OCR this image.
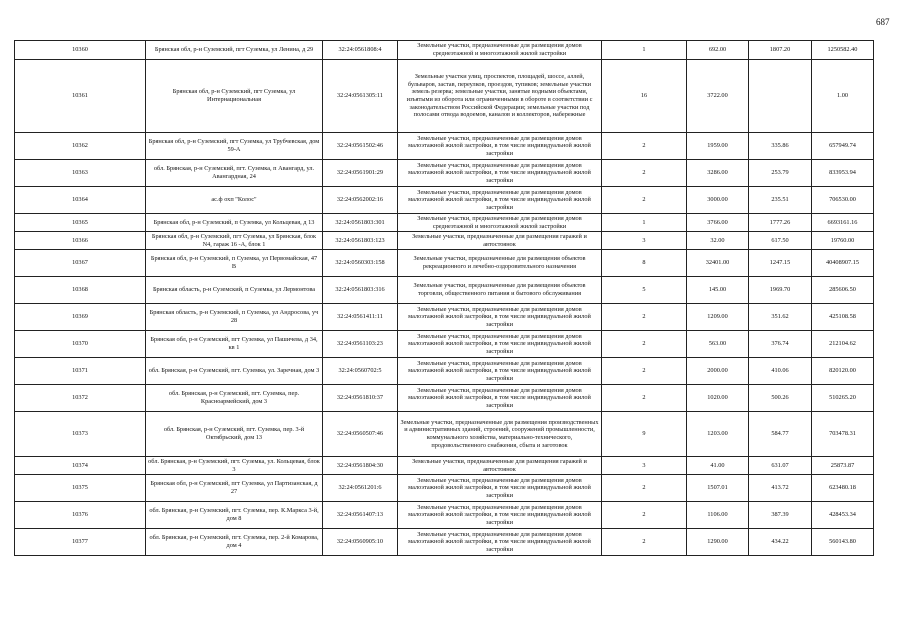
687
10360	Брянская обл, р-н Суземский, пгт Суземка, ул Ленина, д 29	32:24:0561808:4	Земельные участки, предназначенные для размещения домов среднеэтажной и многоэтажной жилой застройки	1	692.00	1807.20	1250582.40
10361	Брянская обл, р-н Суземский, пгт Суземка, ул Интернациональная	32:24:0561305:11	Земельные участки улиц, проспектов, площадей, шоссе, аллей, бульваров, застав, переулков, проездов, тупиков; земельные участки земель резерва; земельные участки, занятые водными объектами, изъятыми из оборота или ограниченными в обороте в соответствии с законодательством Российской Федерации; земельные участки под полосами отвода водоемов, каналов и коллекторов, набережные	16	3722.00		1.00
10362	Брянская обл, р-н Суземский, пгт Суземка, ул Трубчевская, дом 59-А	32:24:0561502:46	Земельные участки, предназначенные для размещения домов малоэтажной жилой застройки, в том числе индивидуальной жилой застройки	2	1959.00	335.86	657949.74
10363	обл. Брянская, р-н Суземский, пгт. Суземка, п Авангард, ул. Авангардная, 24	32:24:0561901:29	Земельные участки, предназначенные для размещения домов малоэтажной жилой застройки, в том числе индивидуальной жилой застройки	2	3286.00	253.79	833953.94
10364	ас.ф охп "Колос"	32:24:0562002:16	Земельные участки, предназначенные для размещения домов малоэтажной жилой застройки, в том числе индивидуальной жилой застройки	2	3000.00	235.51	706530.00
10365	Брянская обл, р-н Суземский, п Суземка, ул Кольцевая, д 13	32:24:0561803:301	Земельные участки, предназначенные для размещения домов среднеэтажной и многоэтажной жилой застройки	1	3766.00	1777.26	6693161.16
10366	Брянская обл, р-н Суземский, пгт Суземка, ул Брянская, блок N4, гараж 16 -А, блок 1	32:24:0561803:123	Земельные участки, предназначенные для размещения гаражей и автостоянок	3	32.00	617.50	19760.00
10367	Брянская обл, р-н Суземский, п Суземка, ул Первомайская, 47 В	32:24:0560303:158	Земельные участки, предназначенные для размещения объектов рекреационного и лечебно-оздоровительного назначения	8	32401.00	1247.15	40408907.15
10368	Брянская область, р-н Суземский, п Суземка, ул Лермонтова	32:24:0561803:316	Земельные участки, предназначенные для размещения объектов торговли, общественного питания и бытового обслуживания	5	145.00	1969.70	285606.50
10369	Брянская область, р-н Суземский, п Суземка, ул Андросова, уч 28	32:24:0561411:11	Земельные участки, предназначенные для размещения домов малоэтажной жилой застройки, в том числе индивидуальной жилой застройки	2	1209.00	351.62	425108.58
10370	Брянская обл, р-н Суземский, пгт Суземка, ул Пашичева, д 34, кв 1	32:24:0561103:23	Земельные участки, предназначенные для размещения домов малоэтажной жилой застройки, в том числе индивидуальной жилой застройки	2	563.00	376.74	212104.62
10371	обл. Брянская, р-н Суземский, пгт. Суземка, ул. Заречная, дом 3	32:24:0560702:5	Земельные участки, предназначенные для размещения домов малоэтажной жилой застройки, в том числе индивидуальной жилой застройки	2	2000.00	410.06	820120.00
10372	обл. Брянская, р-н Суземский, пгт. Суземка, пер. Красноармейский, дом 3	32:24:0561810:37	Земельные участки, предназначенные для размещения домов малоэтажной жилой застройки, в том числе индивидуальной жилой застройки	2	1020.00	500.26	510265.20
10373	обл. Брянская, р-н Суземский, пгт. Суземка, пер. 3-й Октябрьский, дом 13	32:24:0560507:46	Земельные участки, предназначенные для размещения производственных и административных зданий, строений, сооружений промышленности, коммунального хозяйства, материально-технического, продовольственного снабжения, сбыта и заготовок	9	1203.00	584.77	703478.31
10374	обл. Брянская, р-н Суземский, пгт. Суземка, ул. Кольцевая, блок 3	32:24:0561804:30	Земельные участки, предназначенные для размещения гаражей и автостоянок	3	41.00	631.07	25873.87
10375	Брянская обл, р-н Суземский, пгт Суземка, ул Партизанская, д 27	32:24:0561201:6	Земельные участки, предназначенные для размещения домов малоэтажной жилой застройки, в том числе индивидуальной жилой застройки	2	1507.01	413.72	623480.18
10376	обл. Брянская, р-н Суземский, пгт. Суземка, пер. К.Маркса 3-й, дом 8	32:24:0561407:13	Земельные участки, предназначенные для размещения домов малоэтажной жилой застройки, в том числе индивидуальной жилой застройки	2	1106.00	387.39	428453.34
10377	обл. Брянская, р-н Суземский, пгт. Суземка, пер. 2-й Комарова, дом 4	32:24:0560905:10	Земельные участки, предназначенные для размещения домов малоэтажной жилой застройки, в том числе индивидуальной жилой застройки	2	1290.00	434.22	560143.80
